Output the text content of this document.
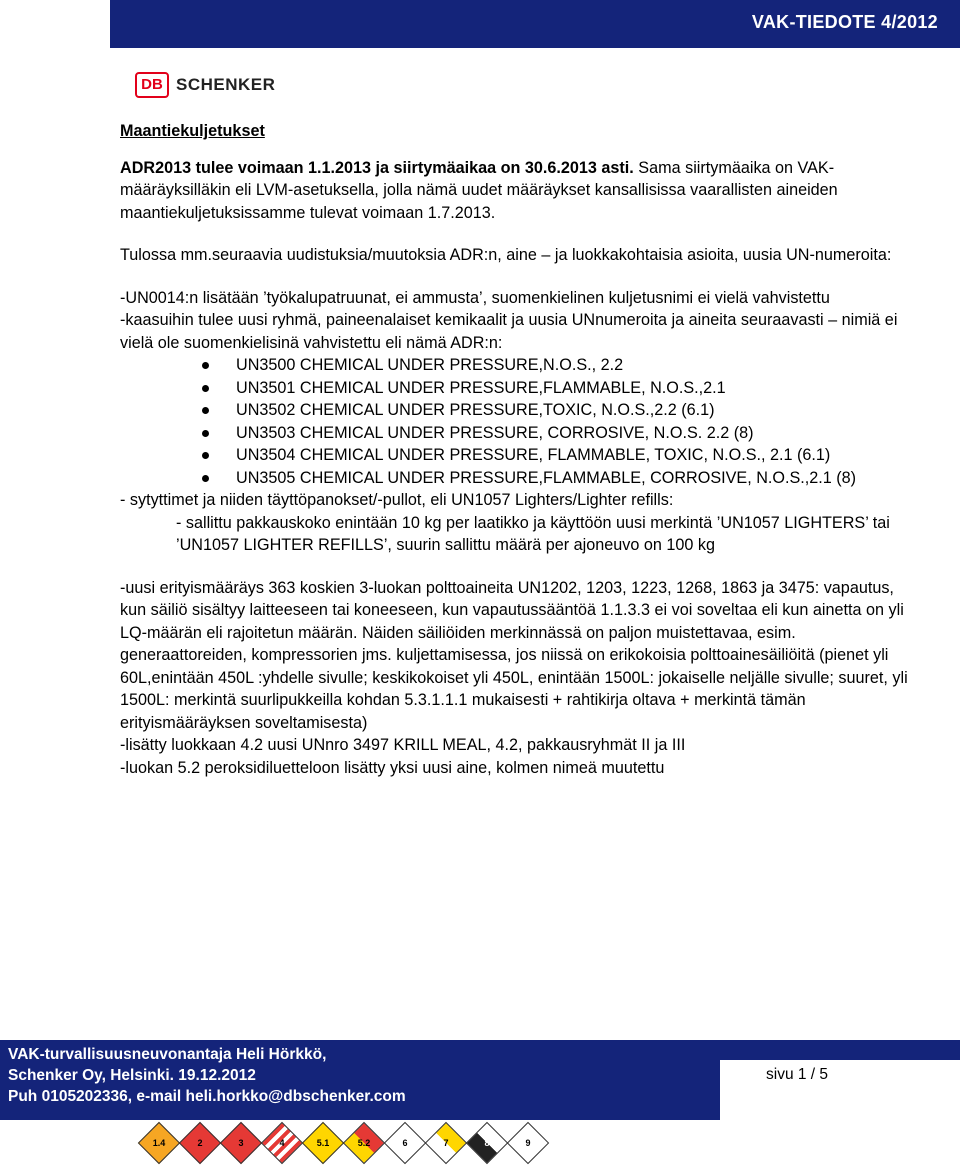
VAK-TIEDOTE 4/2012
DB SCHENKER

Maantiekuljetukset

ADR2013 tulee voimaan 1.1.2013 ja siirtymäaikaa on 30.6.2013 asti. Sama siirtymäaika on VAK-määräyksilläkin eli LVM-asetuksella, jolla nämä uudet määräykset kansallisissa vaarallisten aineiden maantiekuljetuksissamme tulevat voimaan 1.7.2013.

Tulossa mm.seuraavia uudistuksia/muutoksia ADR:n, aine – ja luokkakohtaisia asioita, uusia UN-numeroita:

-UN0014:n lisätään ’työkalupatruunat, ei ammusta’, suomenkielinen kuljetusnimi ei vielä vahvistettu

-kaasuihin tulee uusi ryhmä, paineenalaiset kemikaalit ja uusia UNnumeroita ja aineita seuraavasti – nimiä ei vielä ole suomenkielisinä vahvistettu eli nämä ADR:n:

UN3500 CHEMICAL UNDER PRESSURE,N.O.S., 2.2
UN3501 CHEMICAL UNDER PRESSURE,FLAMMABLE, N.O.S.,2.1
UN3502 CHEMICAL UNDER PRESSURE,TOXIC, N.O.S.,2.2 (6.1)
UN3503 CHEMICAL UNDER PRESSURE, CORROSIVE, N.O.S. 2.2 (8)
UN3504 CHEMICAL UNDER PRESSURE, FLAMMABLE, TOXIC, N.O.S., 2.1 (6.1)
UN3505 CHEMICAL UNDER PRESSURE,FLAMMABLE, CORROSIVE, N.O.S.,2.1 (8)

- sytyttimet ja niiden täyttöpanokset/-pullot, eli UN1057 Lighters/Lighter refills:

- sallittu pakkauskoko enintään 10 kg per laatikko ja käyttöön uusi merkintä ’UN1057 LIGHTERS’ tai ’UN1057 LIGHTER REFILLS’, suurin sallittu määrä per ajoneuvo on 100 kg

-uusi erityismääräys 363 koskien 3-luokan polttoaineita UN1202, 1203, 1223, 1268, 1863 ja 3475: vapautus, kun säiliö sisältyy laitteeseen tai koneeseen, kun vapautussääntöä 1.1.3.3 ei voi soveltaa eli kun ainetta on yli LQ-määrän eli rajoitetun määrän. Näiden säiliöiden merkinnässä on paljon muistettavaa, esim. generaattoreiden, kompressorien jms. kuljettamisessa, jos niissä on erikokoisia polttoainesäiliöitä (pienet yli 60L,enintään 450L :yhdelle sivulle; keskikokoiset yli 450L, enintään 1500L: jokaiselle neljälle sivulle; suuret, yli 1500L: merkintä suurlipukkeilla kohdan 5.3.1.1.1 mukaisesti + rahtikirja oltava + merkintä tämän erityismääräyksen soveltamisesta)

-lisätty luokkaan 4.2 uusi UNnro 3497 KRILL MEAL, 4.2, pakkausryhmät II ja III

-luokan 5.2 peroksidiluetteloon lisätty yksi uusi aine, kolmen nimeä muutettu

VAK-turvallisuusneuvonantaja Heli Hörkkö,
Schenker Oy, Helsinki. 19.12.2012
Puh 0105202336, e-mail heli.horkko@dbschenker.com
sivu 1 / 5
1.4	2	3	4	5.1	5.2	6	7	8	9
